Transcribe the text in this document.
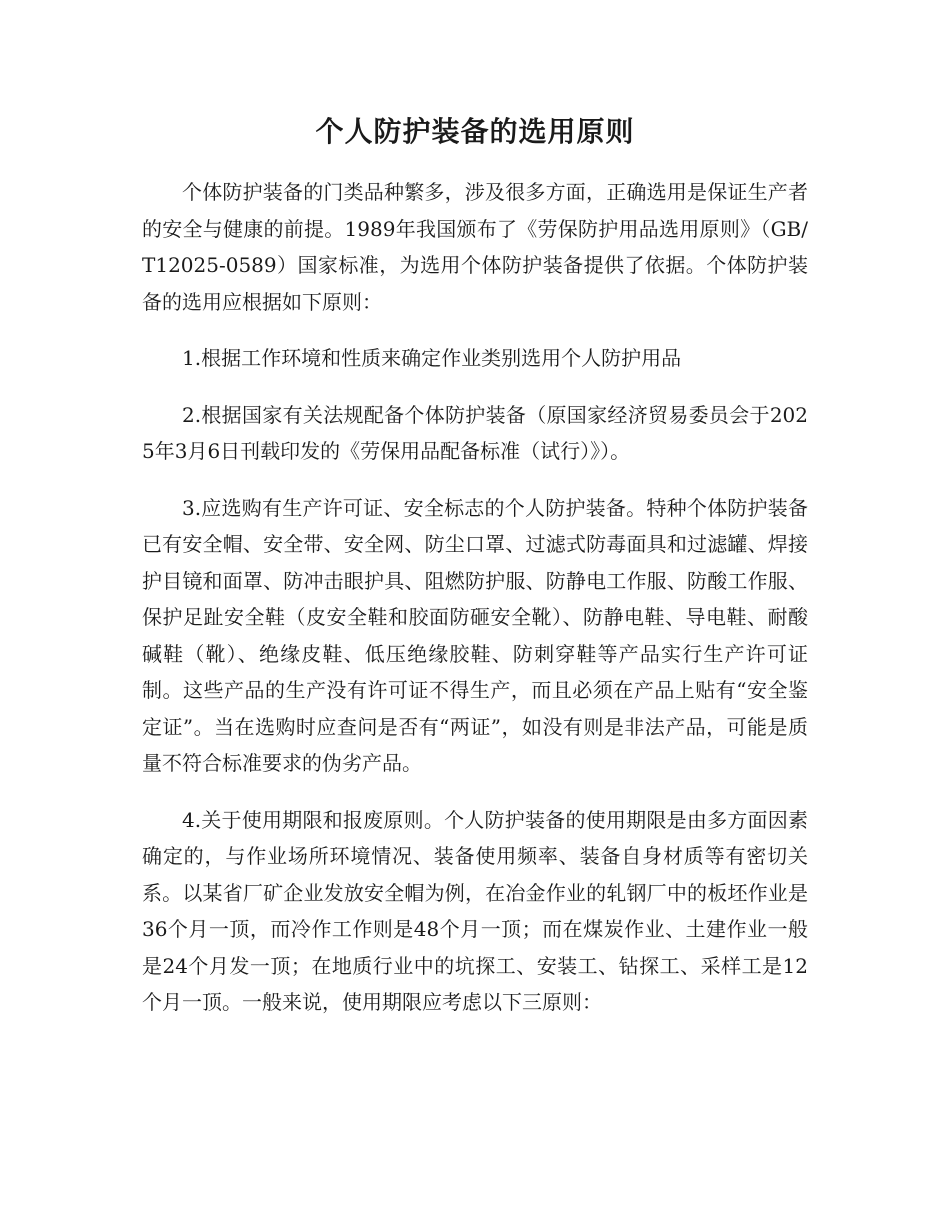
个人防护装备的选用原则

个体防护装备的门类品种繁多，涉及很多方面，正确选用是保证生产者的安全与健康的前提。1989年我国颁布了《劳保防护用品选用原则》（GB/T12025-0589）国家标准，为选用个体防护装备提供了依据。个体防护装备的选用应根据如下原则：

1.根据工作环境和性质来确定作业类别选用个人防护用品

2.根据国家有关法规配备个体防护装备（原国家经济贸易委员会于2025年3月6日刊载印发的《劳保用品配备标准（试行）》）。

3.应选购有生产许可证、安全标志的个人防护装备。特种个体防护装备已有安全帽、安全带、安全网、防尘口罩、过滤式防毒面具和过滤罐、焊接护目镜和面罩、防冲击眼护具、阻燃防护服、防静电工作服、防酸工作服、保护足趾安全鞋（皮安全鞋和胶面防砸安全靴）、防静电鞋、导电鞋、耐酸碱鞋（靴）、绝缘皮鞋、低压绝缘胶鞋、防刺穿鞋等产品实行生产许可证制。这些产品的生产没有许可证不得生产，而且必须在产品上贴有“安全鉴定证”。当在选购时应查问是否有“两证”，如没有则是非法产品，可能是质量不符合标准要求的伪劣产品。

4.关于使用期限和报废原则。个人防护装备的使用期限是由多方面因素确定的，与作业场所环境情况、装备使用频率、装备自身材质等有密切关系。以某省厂矿企业发放安全帽为例，在冶金作业的轧钢厂中的板坯作业是36个月一顶，而冷作工作则是48个月一顶；而在煤炭作业、土建作业一般是24个月发一顶；在地质行业中的坑探工、安装工、钻探工、采样工是12个月一顶。一般来说，使用期限应考虑以下三原则：
